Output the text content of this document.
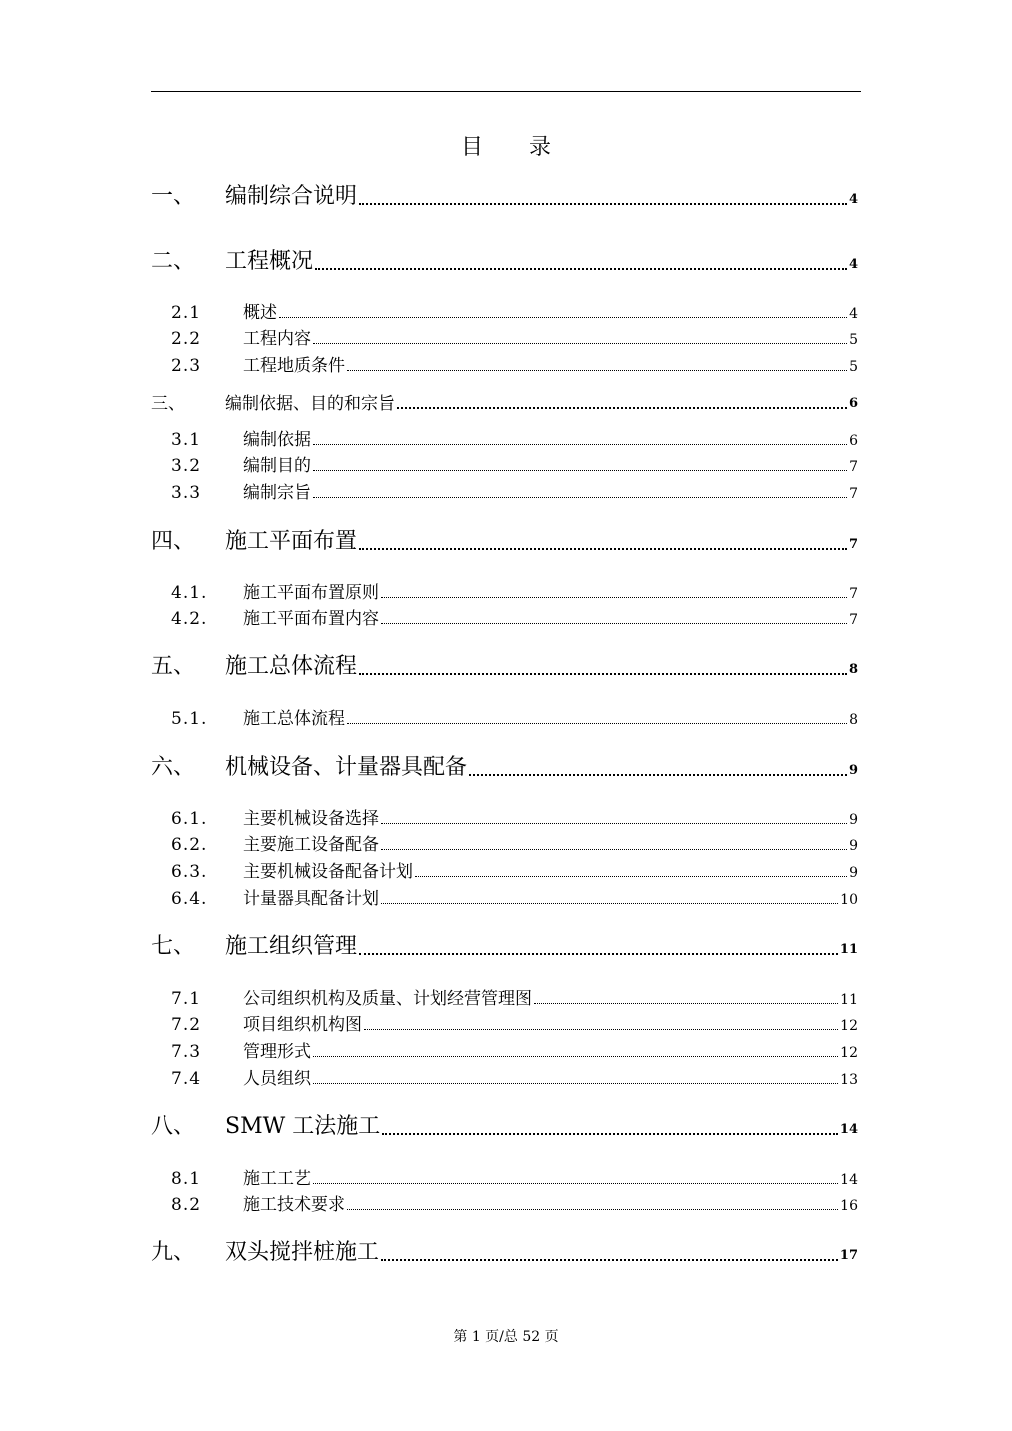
目 录
一、	编制综合说明	4
二、	工程概况	4
2.1	概述	4
2.2	工程内容	5
2.3	工程地质条件	5
三、	编制依据、目的和宗旨	6
3.1	编制依据	6
3.2	编制目的	7
3.3	编制宗旨	7
四、	施工平面布置	7
4.1.	施工平面布置原则	7
4.2.	施工平面布置内容	7
五、	施工总体流程	8
5.1.	施工总体流程	8
六、	机械设备、计量器具配备	9
6.1.	主要机械设备选择	9
6.2.	主要施工设备配备	9
6.3.	主要机械设备配备计划	9
6.4.	计量器具配备计划	10
七、	施工组织管理	11
7.1	公司组织机构及质量、计划经营管理图	11
7.2	项目组织机构图	12
7.3	管理形式	12
7.4	人员组织	13
八、	SMW 工法施工	14
8.1	施工工艺	14
8.2	施工技术要求	16
九、	双头搅拌桩施工	17
第 1 页/总 52 页
